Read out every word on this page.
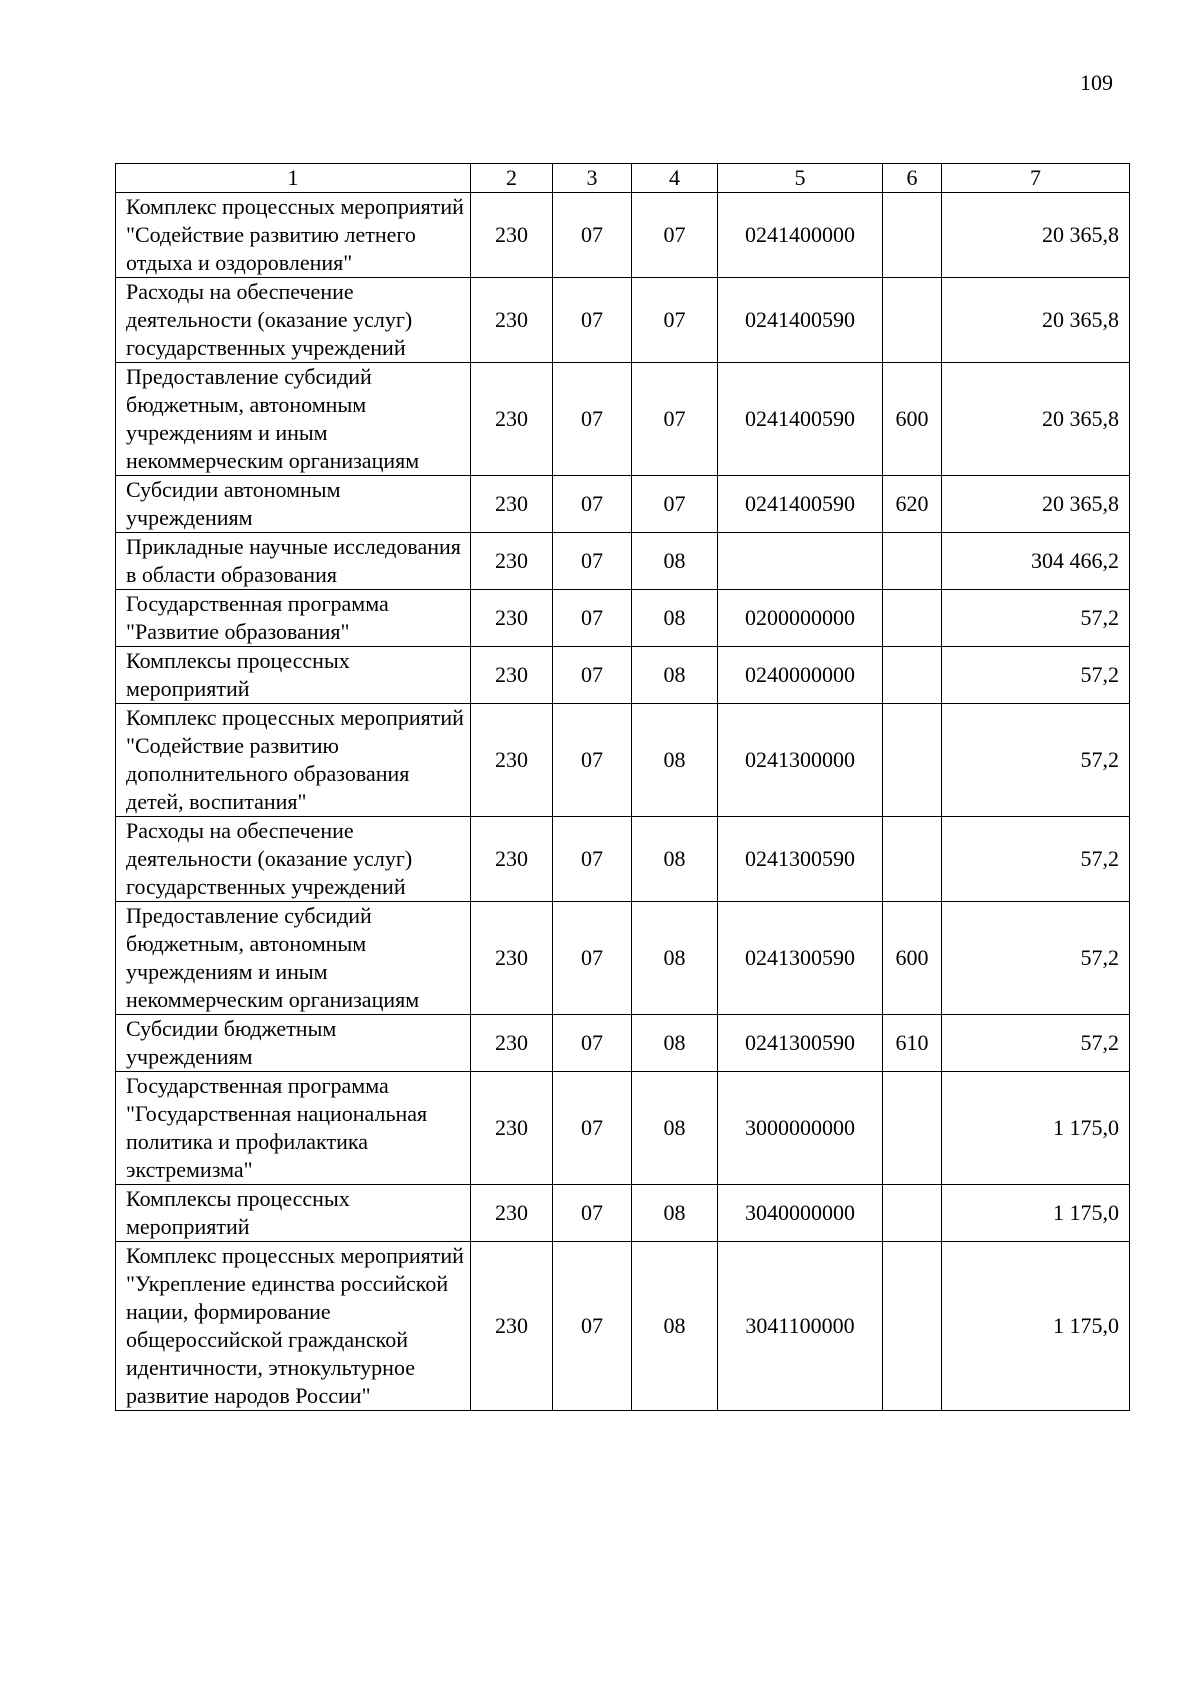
109
1	2	3	4	5	6	7
Комплекс процессных мероприятий "Содействие развитию летнего отдыха и оздоровления"	230	07	07	0241400000		20 365,8
Расходы на обеспечение деятельности (оказание услуг) государственных учреждений	230	07	07	0241400590		20 365,8
Предоставление субсидий бюджетным, автономным учреждениям и иным некоммерческим организациям	230	07	07	0241400590	600	20 365,8
Субсидии автономным учреждениям	230	07	07	0241400590	620	20 365,8
Прикладные научные исследования в области образования	230	07	08			304 466,2
Государственная программа "Развитие образования"	230	07	08	0200000000		57,2
Комплексы процессных мероприятий	230	07	08	0240000000		57,2
Комплекс процессных мероприятий "Содействие развитию дополнительного образования детей, воспитания"	230	07	08	0241300000		57,2
Расходы на обеспечение деятельности (оказание услуг) государственных учреждений	230	07	08	0241300590		57,2
Предоставление субсидий бюджетным, автономным учреждениям и иным некоммерческим организациям	230	07	08	0241300590	600	57,2
Субсидии бюджетным учреждениям	230	07	08	0241300590	610	57,2
Государственная программа "Государственная национальная политика и профилактика экстремизма"	230	07	08	3000000000		1 175,0
Комплексы процессных мероприятий	230	07	08	3040000000		1 175,0
Комплекс процессных мероприятий "Укрепление единства российской нации, формирование общероссийской гражданской идентичности, этнокультурное развитие народов России"	230	07	08	3041100000		1 175,0
